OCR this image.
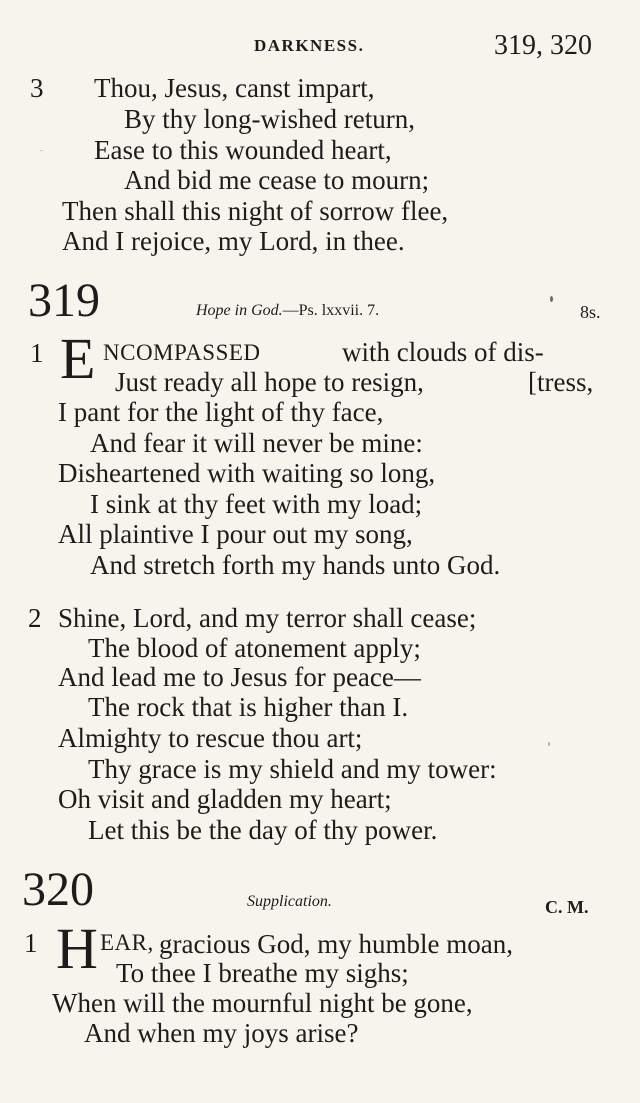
DARKNESS.	319, 320
3 Thou, Jesus, canst impart,
By thy long-wished return,
Ease to this wounded heart,
And bid me cease to mourn;
Then shall this night of sorrow flee,
And I rejoice, my Lord, in thee.
319	Hope in God.—Ps. lxxvii. 7.	8s.
1 E NCOMPASSED	with clouds of dis-
Just ready all hope to resign,	[tress,
I pant for the light of thy face,
And fear it will never be mine:
Disheartened with waiting so long,
I sink at thy feet with my load;
All plaintive I pour out my song,
And stretch forth my hands unto God.
2 Shine, Lord, and my terror shall cease;
The blood of atonement apply;
And lead me to Jesus for peace—
The rock that is higher than I.
Almighty to rescue thou art;
Thy grace is my shield and my tower:
Oh visit and gladden my heart;
Let this be the day of thy power.
320	Supplication.	C. M.
1 H EAR, gracious God, my humble moan,
To thee I breathe my sighs;
When will the mournful night be gone,
And when my joys arise?
